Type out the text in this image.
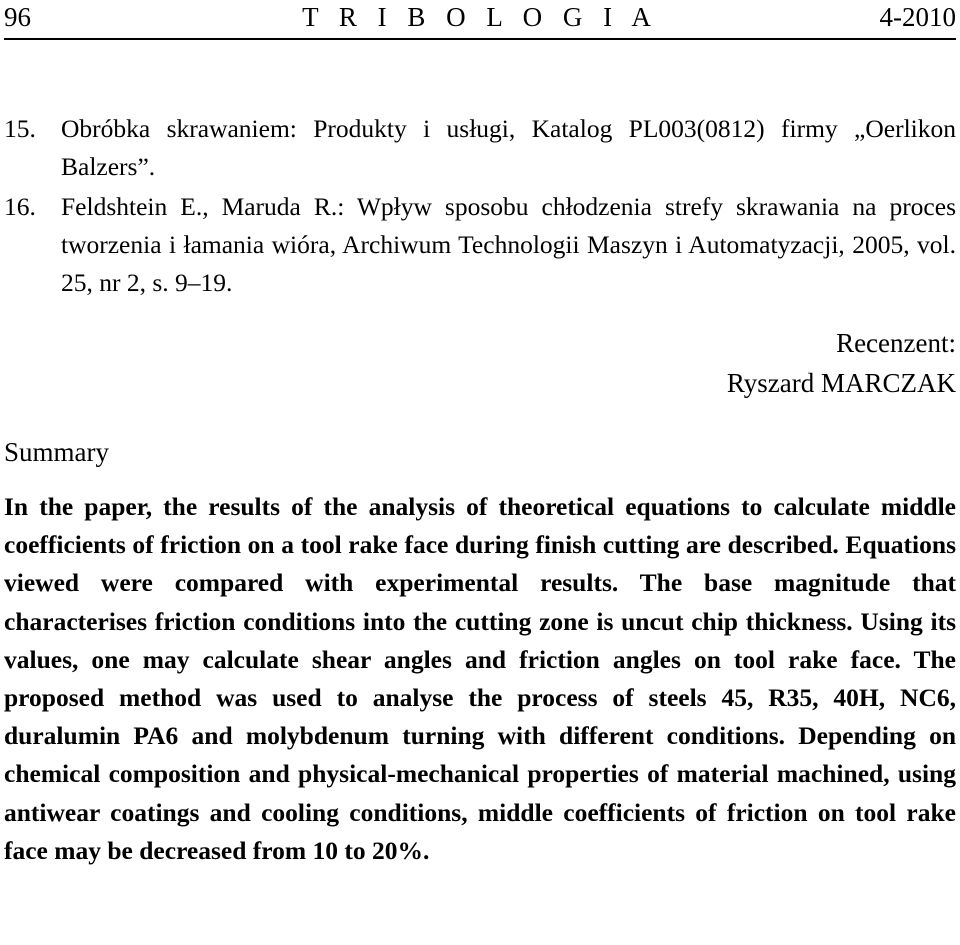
96	T R I B O L O G I A	4-2010
15. Obróbka skrawaniem: Produkty i usługi, Katalog PL003(0812) firmy „Oerlikon Balzers”.
16. Feldshtein E., Maruda R.: Wpływ sposobu chłodzenia strefy skrawania na proces tworzenia i łamania wióra, Archiwum Technologii Maszyn i Automatyzacji, 2005, vol. 25, nr 2, s. 9–19.
Recenzent:
Ryszard MARCZAK
Summary

In the paper, the results of the analysis of theoretical equations to calculate middle coefficients of friction on a tool rake face during finish cutting are described. Equations viewed were compared with experimental results. The base magnitude that characterises friction conditions into the cutting zone is uncut chip thickness. Using its values, one may calculate shear angles and friction angles on tool rake face. The proposed method was used to analyse the process of steels 45, R35, 40H, NC6, duralumin PA6 and molybdenum turning with different conditions. Depending on chemical composition and physical-mechanical properties of material machined, using antiwear coatings and cooling conditions, middle coefficients of friction on tool rake face may be decreased from 10 to 20%.
